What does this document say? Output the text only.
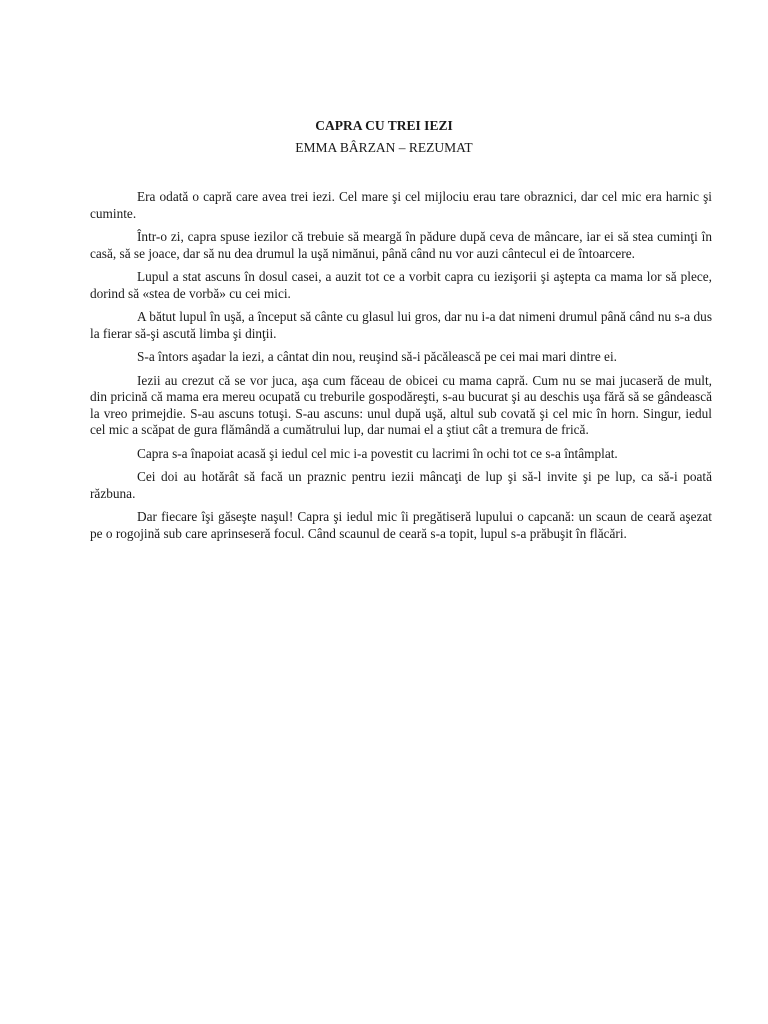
CAPRA CU TREI IEZI
EMMA BÂRZAN – REZUMAT

Era odată o capră care avea trei iezi. Cel mare şi cel mijlociu erau tare obraznici, dar cel mic era harnic şi cuminte.

Într-o zi, capra spuse iezilor că trebuie să meargă în pădure după ceva de mâncare, iar ei să stea cuminţi în casă, să se joace, dar să nu dea drumul la uşă nimănui, până când nu vor auzi cântecul ei de întoarcere.

Lupul a stat ascuns în dosul casei, a auzit tot ce a vorbit capra cu iezişorii şi aştepta ca mama lor să plece, dorind să «stea de vorbă» cu cei mici.

A bătut lupul în uşă, a început să cânte cu glasul lui gros, dar nu i-a dat nimeni drumul până când nu s-a dus la fierar să-şi ascută limba şi dinţii.

S-a întors aşadar la iezi, a cântat din nou, reuşind să-i păcălească pe cei mai mari dintre ei.

Iezii au crezut că se vor juca, aşa cum făceau de obicei cu mama capră. Cum nu se mai jucaseră de mult, din pricină că mama era mereu ocupată cu treburile gospodăreşti, s-au bucurat şi au deschis uşa fără să se gândească la vreo primejdie. S-au ascuns totuşi. S-au ascuns: unul după uşă, altul sub covată şi cel mic în horn. Singur, iedul cel mic a scăpat de gura flămândă a cumătrului lup, dar numai el a ştiut cât a tremura de frică.

Capra s-a înapoiat acasă şi iedul cel mic i-a povestit cu lacrimi în ochi tot ce s-a întâmplat.

Cei doi au hotărât să facă un praznic pentru iezii mâncaţi de lup şi să-l invite şi pe lup, ca să-i poată răzbuna.

Dar fiecare îşi găseşte naşul! Capra şi iedul mic îi pregătiseră lupului o capcană: un scaun de ceară aşezat pe o rogojină sub care aprinseseră focul. Când scaunul de ceară s-a topit, lupul s-a prăbuşit în flăcări.
